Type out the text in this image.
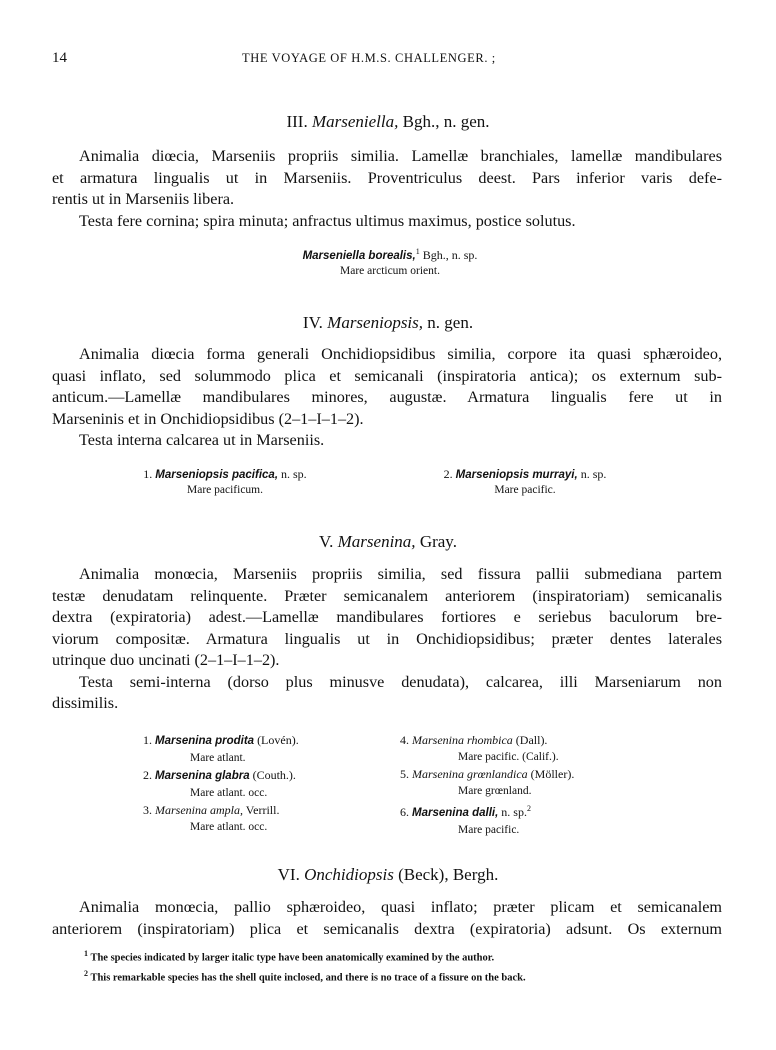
14	THE VOYAGE OF H.M.S. CHALLENGER. ;
III. Marseniella, Bgh., n. gen.
Animalia diœcia, Marseniis propriis similia. Lamellæ branchiales, lamellæ mandibulares
et armatura lingualis ut in Marseniis. Proventriculus deest. Pars inferior varis defe-
rentis ut in Marseniis libera.
Testa fere cornina; spira minuta; anfractus ultimus maximus, postice solutus.
Marseniella borealis,$^1$ Bgh., n. sp.
Mare arcticum orient.
IV. Marseniopsis, n. gen.
Animalia diœcia forma generali Onchidiopsidibus similia, corpore ita quasi sphæroideo,
quasi inflato, sed solummodo plica et semicanali (inspiratoria antica); os externum sub-
anticum.—Lamellæ mandibulares minores, augustæ. Armatura lingualis fere ut in
Marseninis et in Onchidiopsidibus (2–1–I–1–2).
Testa interna calcarea ut in Marseniis.
1. Marseniopsis pacifica, n. sp.
Mare pacificum.
2. Marseniopsis murrayi, n. sp.
Mare pacific.
V. Marsenina, Gray.
Animalia monœcia, Marseniis propriis similia, sed fissura pallii submediana partem
testæ denudatam relinquente. Præter semicanalem anteriorem (inspiratoriam) semicanalis
dextra (expiratoria) adest.—Lamellæ mandibulares fortiores e seriebus baculorum bre-
viorum compositæ. Armatura lingualis ut in Onchidiopsidibus; præter dentes laterales
utrinque duo uncinati (2–1–I–1–2).
Testa semi-interna (dorso plus minusve denudata), calcarea, illi Marseniarum non
dissimilis.
1. Marsenina prodita (Lovén).
Mare atlant.
2. Marsenina glabra (Couth.).
Mare atlant. occ.
3. Marsenina ampla, Verrill.
Mare atlant. occ.
4. Marsenina rhombica (Dall).
Mare pacific. (Calif.).
5. Marsenina grœnlandica (Möller).
Mare grœnland.
6. Marsenina dalli, n. sp.$^2$
Mare pacific.
VI. Onchidiopsis (Beck), Bergh.
Animalia monœcia, pallio sphæroideo, quasi inflato; præter plicam et semicanalem
anteriorem (inspiratoriam) plica et semicanalis dextra (expiratoria) adsunt. Os externum
$^1$ The species indicated by larger italic type have been anatomically examined by the author.
$^2$ This remarkable species has the shell quite inclosed, and there is no trace of a fissure on the back.
